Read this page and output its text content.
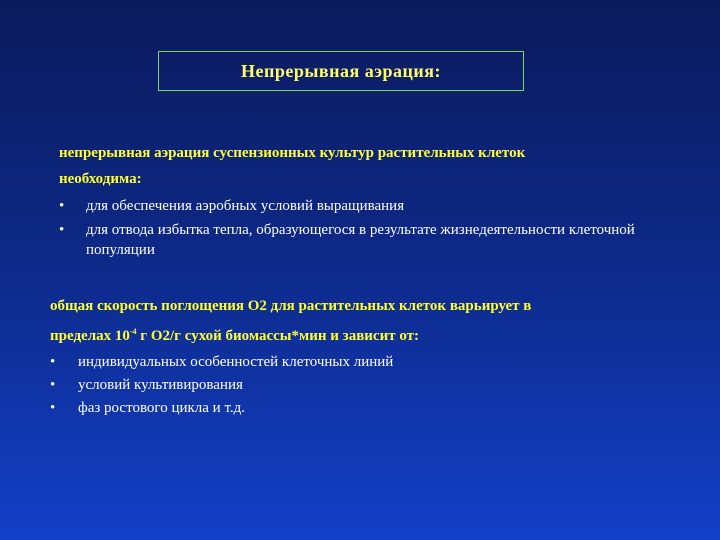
Непрерывная аэрация:

непрерывная аэрация суспензионных культур растительных клеток
необходима:

• для обеспечения аэробных условий выращивания
• для отвода избытка тепла, образующегося в результате жизнедеятельности клеточной популяции

общая скорость поглощения О2 для растительных клеток варьирует в
пределах $10^{-4}$ г О2/г сухой биомассы*мин и зависит от:

• индивидуальных особенностей клеточных линий
• условий культивирования
• фаз ростового цикла и т.д.
